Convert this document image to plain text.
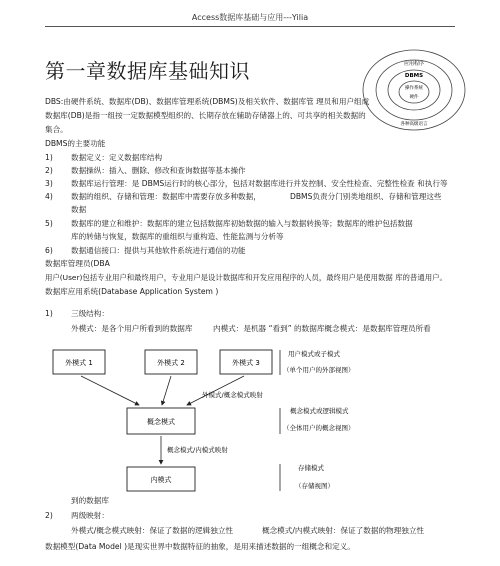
Access数据库基础与应用---Yilia
第一章数据库基础知识	应用程序
DBMS
操作系统
硬件
各种高级语言
DBS:由硬件系统、数据库(DB)、数据库管理系统(DBMS)及相关软件、数据库管 理员和用户组成
数据库(DB)是指一组按一定数据模型组织的、长期存放在辅助存储器上的、可共享的相关数据的
集合。
DBMS的主要功能
1) 数据定义：定义数据库结构
2) 数据操纵：插入、删除、修改和查询数据等基本操作
3) 数据库运行管理：是 DBMS运行时的核心部分，包括对数据库进行并发控制、安全性检查、完整性检查 和执行等
4) 数据的组织、存储和管理：数据库中需要存放多种数据，	DBMS负责分门别类地组织、存储和管理这些
数据
5) 数据库的建立和维护：数据库的建立包括数据库初始数据的输入与数据转换等；数据库的维护包括数据
库的转储与恢复，数据库的重组织与重构造、性能监测与分析等
6) 数据通信接口：提供与其他软件系统进行通信的功能
数据库管理员(DBA
用户(User)包括专业用户和最终用户，专业用户是设计数据库和开发应用程序的人员，最终用户是使用数据 库的普通用户。
数据库应用系统(Database Application System )
1) 三级结构：
外模式：是各个用户所看到的数据库	内模式：是机器 “看到” 的数据库概念模式：是数据库管理员所看
外模式 1	外模式 2	外模式 3
外模式/概念模式映射
概念模式
概念模式/内模式映射
内模式
用户模式或子模式
（单个用户的外部视图）
概念模式或逻辑模式
（全体用户的概念视图）
存储模式
（存储视图）
到的数据库
2) 两级映射：
外模式/概念模式映射：保证了数据的逻辑独立性	概念模式/内模式映射：保证了数据的物理独立性
数据模型(Data Model )是现实世界中数据特征的抽象，是用来描述数据的一组概念和定义。
